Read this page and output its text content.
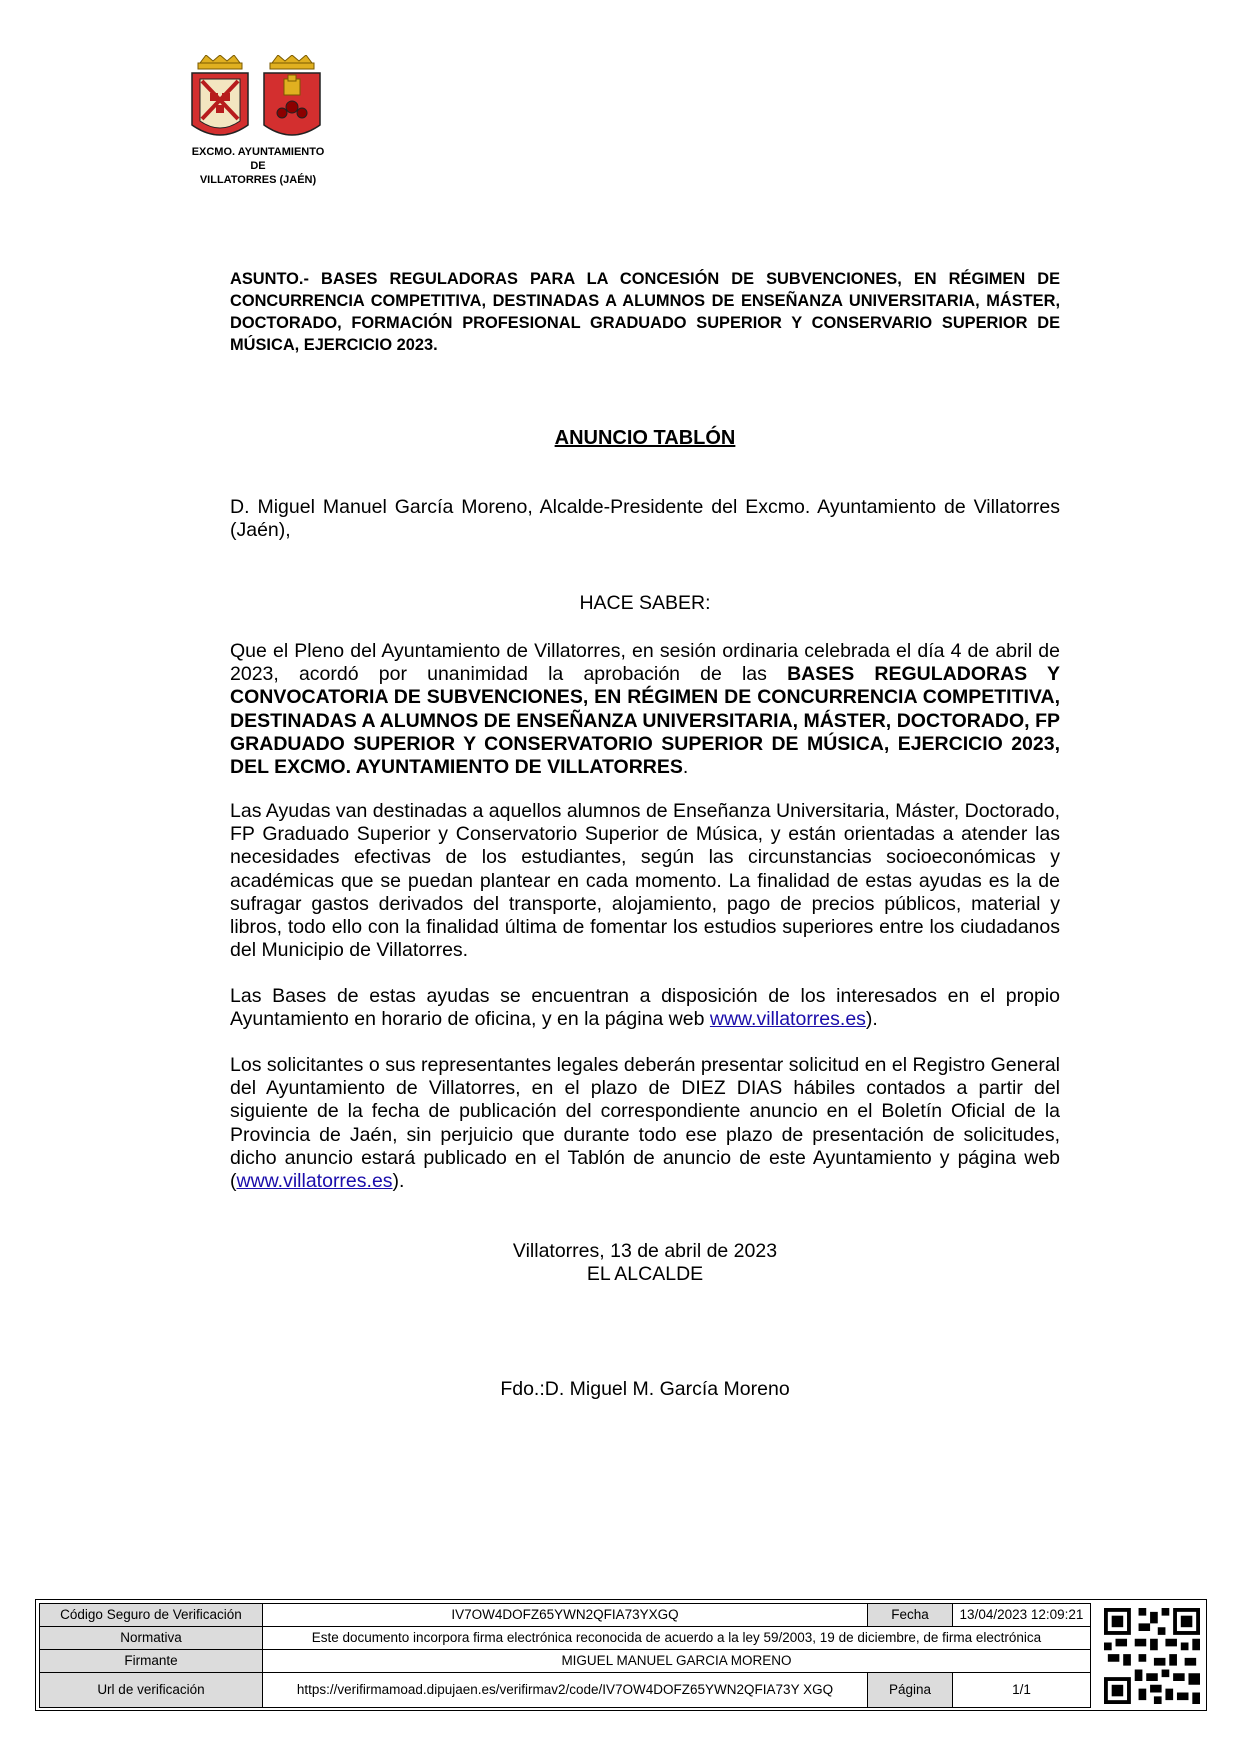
EXCMO. AYUNTAMIENTO
DE
VILLATORRES (JAÉN)
ASUNTO.- BASES REGULADORAS PARA LA CONCESIÓN DE SUBVENCIONES, EN RÉGIMEN DE CONCURRENCIA COMPETITIVA, DESTINADAS A ALUMNOS DE ENSEÑANZA UNIVERSITARIA, MÁSTER, DOCTORADO, FORMACIÓN PROFESIONAL GRADUADO SUPERIOR Y CONSERVARIO SUPERIOR DE MÚSICA, EJERCICIO 2023.
ANUNCIO TABLÓN
D. Miguel Manuel García Moreno, Alcalde-Presidente del Excmo. Ayuntamiento de Villatorres (Jaén),
HACE SABER:
Que el Pleno del Ayuntamiento de Villatorres, en sesión ordinaria celebrada el día 4 de abril de 2023, acordó por unanimidad la aprobación de las BASES REGULADORAS Y CONVOCATORIA DE SUBVENCIONES, EN RÉGIMEN DE CONCURRENCIA COMPETITIVA, DESTINADAS A ALUMNOS DE ENSEÑANZA UNIVERSITARIA, MÁSTER, DOCTORADO, FP GRADUADO SUPERIOR Y CONSERVATORIO SUPERIOR DE MÚSICA, EJERCICIO 2023, DEL EXCMO. AYUNTAMIENTO DE VILLATORRES.
Las Ayudas van destinadas a aquellos alumnos de Enseñanza Universitaria, Máster, Doctorado, FP Graduado Superior y Conservatorio Superior de Música, y están orientadas a atender las necesidades efectivas de los estudiantes, según las circunstancias socioeconómicas y académicas que se puedan plantear en cada momento. La finalidad de estas ayudas es la de sufragar gastos derivados del transporte, alojamiento, pago de precios públicos, material y libros, todo ello con la finalidad última de fomentar los estudios superiores entre los ciudadanos del Municipio de Villatorres.
Las Bases de estas ayudas se encuentran a disposición de los interesados en el propio Ayuntamiento en horario de oficina, y en la página web www.villatorres.es).
Los solicitantes o sus representantes legales deberán presentar solicitud en el Registro General del Ayuntamiento de Villatorres, en el plazo de DIEZ DIAS hábiles contados a partir del siguiente de la fecha de publicación del correspondiente anuncio en el Boletín Oficial de la Provincia de Jaén, sin perjuicio que durante todo ese plazo de presentación de solicitudes, dicho anuncio estará publicado en el Tablón de anuncio de este Ayuntamiento y página web (www.villatorres.es).
Villatorres, 13 de abril de 2023
EL ALCALDE
Fdo.:D. Miguel M. García Moreno
Código Seguro de Verificación	IV7OW4DOFZ65YWN2QFIA73YXGQ	Fecha	13/04/2023 12:09:21
Normativa	Este documento incorpora firma electrónica reconocida de acuerdo a la ley 59/2003, 19 de diciembre, de firma electrónica		
Firmante	MIGUEL MANUEL GARCIA MORENO		
Url de verificación	https://verifirmamoad.dipujaen.es/verifirmav2/code/IV7OW4DOFZ65YWN2QFIA73Y XGQ	Página	1/1
